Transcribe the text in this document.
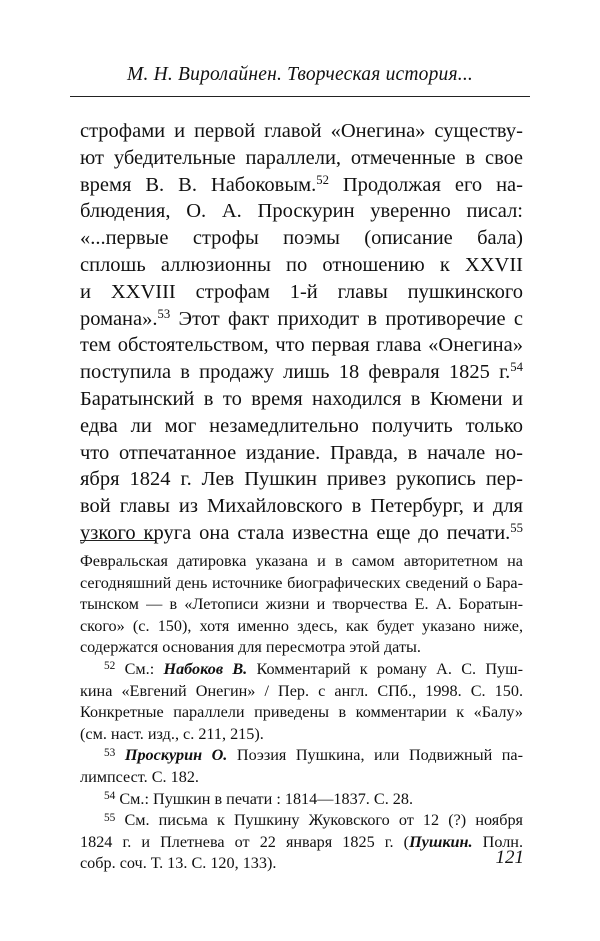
М. Н. Виролайнен. Творческая история...
строфами и первой главой «Онегина» существу-
ют убедительные параллели, отмеченные в своe
время В. В. Набоковым.$^{52}$ Продолжая его на-
блюдения, О. А. Проскурин уверенно писал:
«...первые строфы поэмы (описание бала)
сплошь аллюзионны по отношению к XXVII
и XXVIII строфам 1-й главы пушкинского
романа».$^{53}$ Этот факт приходит в противоречие с
тем обстоятельством, что первая глава «Онегина»
поступила в продажу лишь 18 февраля 1825 г.$^{54}$
Баратынский в то время находился в Кюмени и
едва ли мог незамедлительно получить только
что отпечатанное издание. Правда, в начале но-
ября 1824 г. Лев Пушкин привез рукопись пер-
вой главы из Михайловского в Петербург, и для
узкого круга она стала известна еще до печати.$^{55}$
Февральская датировка указана и в самом авторитетном на
сегодняшний день источнике биографических сведений о Бара-
тынском — в «Летописи жизни и творчества Е. А. Боратын-
ского» (с. 150), хотя именно здесь, как будет указано ниже,
содержатся основания для пересмотра этой даты.
$^{52}$ См.: Набоков В. Комментарий к роману А. С. Пуш-
кина «Евгений Онегин» / Пер. с англ. СПб., 1998. С. 150.
Конкретные параллели приведены в комментарии к «Балу»
(см. наст. изд., с. 211, 215).
$^{53}$ Проскурин О. Поэзия Пушкина, или Подвижный па-
лимпсест. С. 182.
$^{54}$ См.: Пушкин в печати : 1814—1837. С. 28.
$^{55}$ См. письма к Пушкину Жуковского от 12 (?) ноября
1824 г. и Плетнева от 22 января 1825 г. (Пушкин. Полн.
собр. соч. Т. 13. С. 120, 133).	121
